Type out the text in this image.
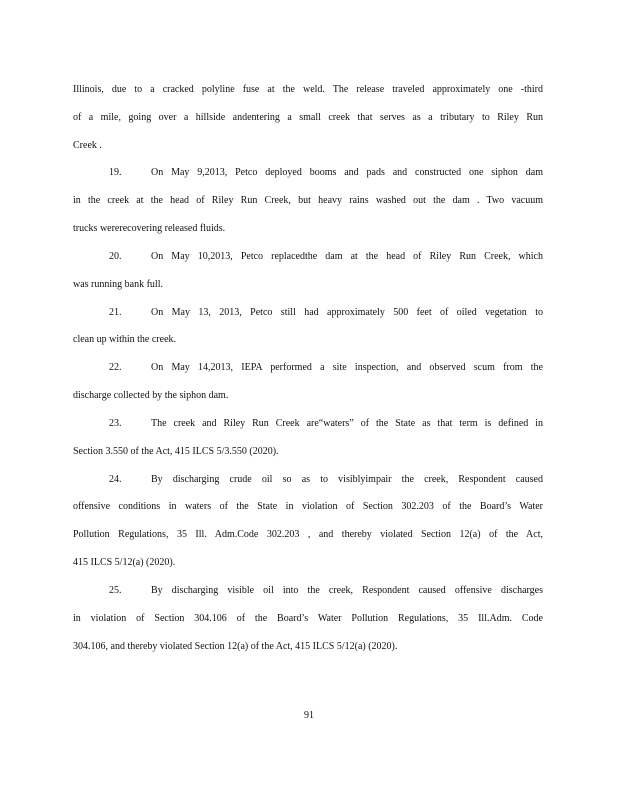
Illinois, due to a cracked polyline fuse at the weld. The release traveled approximately one -third
of a mile, going over a hillside andentering a small creek that serves as a tributary to Riley Run
Creek .
19.	On May 9,2013, Petco deployed booms and pads and constructed one siphon dam
in the creek at the head of Riley Run Creek, but heavy rains washed out the dam . Two vacuum
trucks wererecovering released fluids.
20.	On May 10,2013, Petco replacedthe dam at the head of Riley Run Creek, which
was running bank full.
21.	On May 13, 2013, Petco still had approximately 500 feet of oiled vegetation to
clean up within the creek.
22.	On May 14,2013, IEPA performed a site inspection, and observed scum from the
discharge collected by the siphon dam.
23.	The creek and Riley Run Creek are“waters” of the State as that term is defined in
Section 3.550 of the Act, 415 ILCS 5/3.550 (2020).
24.	By discharging crude oil so as to visiblyimpair the creek, Respondent caused
offensive conditions in waters of the State in violation of Section 302.203 of the Board’s Water
Pollution Regulations, 35 Ill. Adm.Code 302.203 , and thereby violated Section 12(a) of the Act,
415 ILCS 5/12(a) (2020).
25.	By discharging visible oil into the creek, Respondent caused offensive discharges
in violation of Section 304.106 of the Board’s Water Pollution Regulations, 35 Ill.Adm. Code
304.106, and thereby violated Section 12(a) of the Act, 415 ILCS 5/12(a) (2020).
91
